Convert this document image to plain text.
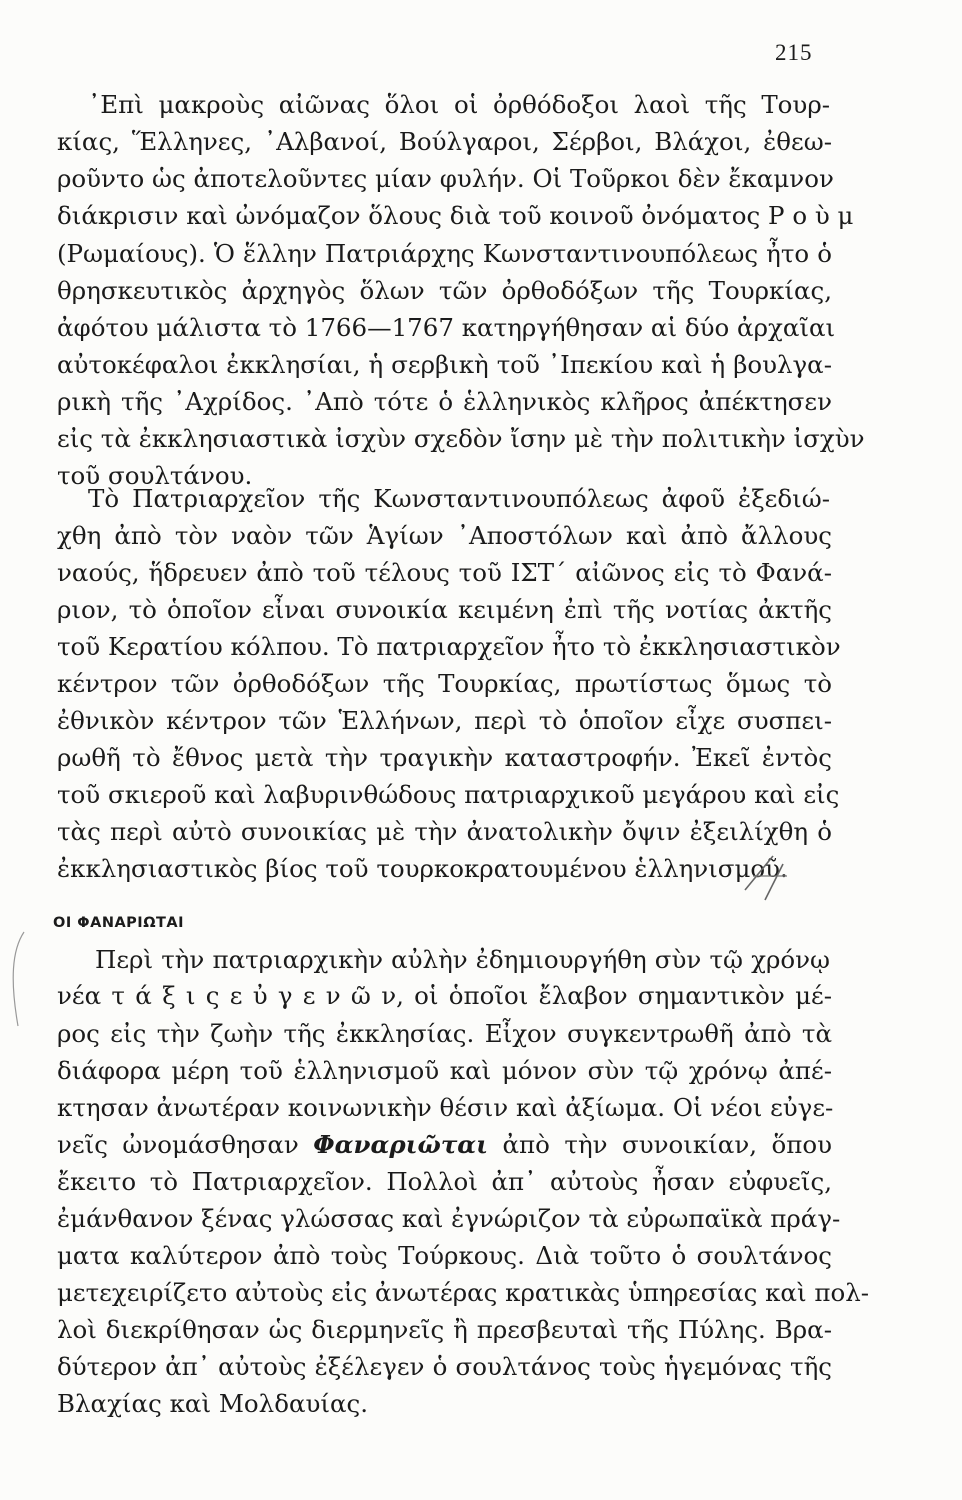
215
᾿Επὶ μακροὺς αἰῶνας ὅλοι οἱ ὀρθόδοξοι λαοὶ τῆς Τουρ-
κίας, Ἕλληνες, ᾿Αλβανοί, Βούλγαροι, Σέρβοι, Βλάχοι, ἐθεω-
ροῦντο ὡς ἀποτελοῦντες μίαν φυλήν. Οἱ Τοῦρκοι δὲν ἔκαμνον
διάκρισιν καὶ ὠνόμαζον ὅλους διὰ τοῦ κοινοῦ ὀνόματος Ρ ο ὺ μ
(Ρωμαίους). Ὁ ἕλλην Πατριάρχης Κωνσταντινουπόλεως ἦτο ὁ
θρησκευτικὸς ἀρχηγὸς ὅλων τῶν ὀρθοδόξων τῆς Τουρκίας,
ἀφότου μάλιστα τὸ 1766—1767 κατηργήθησαν αἱ δύο ἀρχαῖαι
αὐτοκέφαλοι ἐκκλησίαι, ἡ σερβικὴ τοῦ ᾿Ιπεκίου καὶ ἡ βουλγα-
ρικὴ τῆς ᾿Αχρίδος. ᾿Απὸ τότε ὁ ἑλληνικὸς κλῆρος ἀπέκτησεν
εἰς τὰ ἐκκλησιαστικὰ ἰσχὺν σχεδὸν ἴσην μὲ τὴν πολιτικὴν ἰσχὺν
τοῦ σουλτάνου.
Τὸ Πατριαρχεῖον τῆς Κωνσταντινουπόλεως ἀφοῦ ἐξεδιώ-
χθη ἀπὸ τὸν ναὸν τῶν Ἁγίων ᾿Αποστόλων καὶ ἀπὸ ἄλλους
ναούς, ἥδρευεν ἀπὸ τοῦ τέλους τοῦ ΙΣΤ΄ αἰῶνος εἰς τὸ Φανά-
ριον, τὸ ὁποῖον εἶναι συνοικία κειμένη ἐπὶ τῆς νοτίας ἀκτῆς
τοῦ Κερατίου κόλπου. Τὸ πατριαρχεῖον ἦτο τὸ ἐκκλησιαστικὸν
κέντρον τῶν ὀρθοδόξων τῆς Τουρκίας, πρωτίστως ὅμως τὸ
ἐθνικὸν κέντρον τῶν Ἑλλήνων, περὶ τὸ ὁποῖον εἶχε συσπει-
ρωθῆ τὸ ἔθνος μετὰ τὴν τραγικὴν καταστροφήν. Ἐκεῖ ἐντὸς
τοῦ σκιεροῦ καὶ λαβυρινθώδους πατριαρχικοῦ μεγάρου καὶ εἰς
τὰς περὶ αὐτὸ συνοικίας μὲ τὴν ἀνατολικὴν ὄψιν ἐξειλίχθη ὁ
ἐκκλησιαστικὸς βίος τοῦ τουρκοκρατουμένου ἑλληνισμοῦ.
ΟΙ ΦΑΝΑΡΙΩΤΑΙ
Περὶ τὴν πατριαρχικὴν αὐλὴν ἐδημιουργήθη σὺν τῷ χρόνῳ
νέα τ ά ξ ι ς ε ὐ γ ε ν ῶ ν, οἱ ὁποῖοι ἔλαβον σημαντικὸν μέ-
ρος εἰς τὴν ζωὴν τῆς ἐκκλησίας. Εἶχον συγκεντρωθῆ ἀπὸ τὰ
διάφορα μέρη τοῦ ἑλληνισμοῦ καὶ μόνον σὺν τῷ χρόνῳ ἀπέ-
κτησαν ἀνωτέραν κοινωνικὴν θέσιν καὶ ἀξίωμα. Οἱ νέοι εὐγε-
νεῖς ὠνομάσθησαν Φαναριῶται ἀπὸ τὴν συνοικίαν, ὅπου
ἔκειτο τὸ Πατριαρχεῖον. Πολλοὶ ἀπ᾿ αὐτοὺς ἦσαν εὐφυεῖς,
ἐμάνθανον ξένας γλώσσας καὶ ἐγνώριζον τὰ εὐρωπαϊκὰ πράγ-
ματα καλύτερον ἀπὸ τοὺς Τούρκους. Διὰ τοῦτο ὁ σουλτάνος
μετεχειρίζετο αὐτοὺς εἰς ἀνωτέρας κρατικὰς ὑπηρεσίας καὶ πολ-
λοὶ διεκρίθησαν ὡς διερμηνεῖς ἢ πρεσβευταὶ τῆς Πύλης. Βρα-
δύτερον ἀπ᾿ αὐτοὺς ἐξέλεγεν ὁ σουλτάνος τοὺς ἡγεμόνας τῆς
Βλαχίας καὶ Μολδαυίας.
